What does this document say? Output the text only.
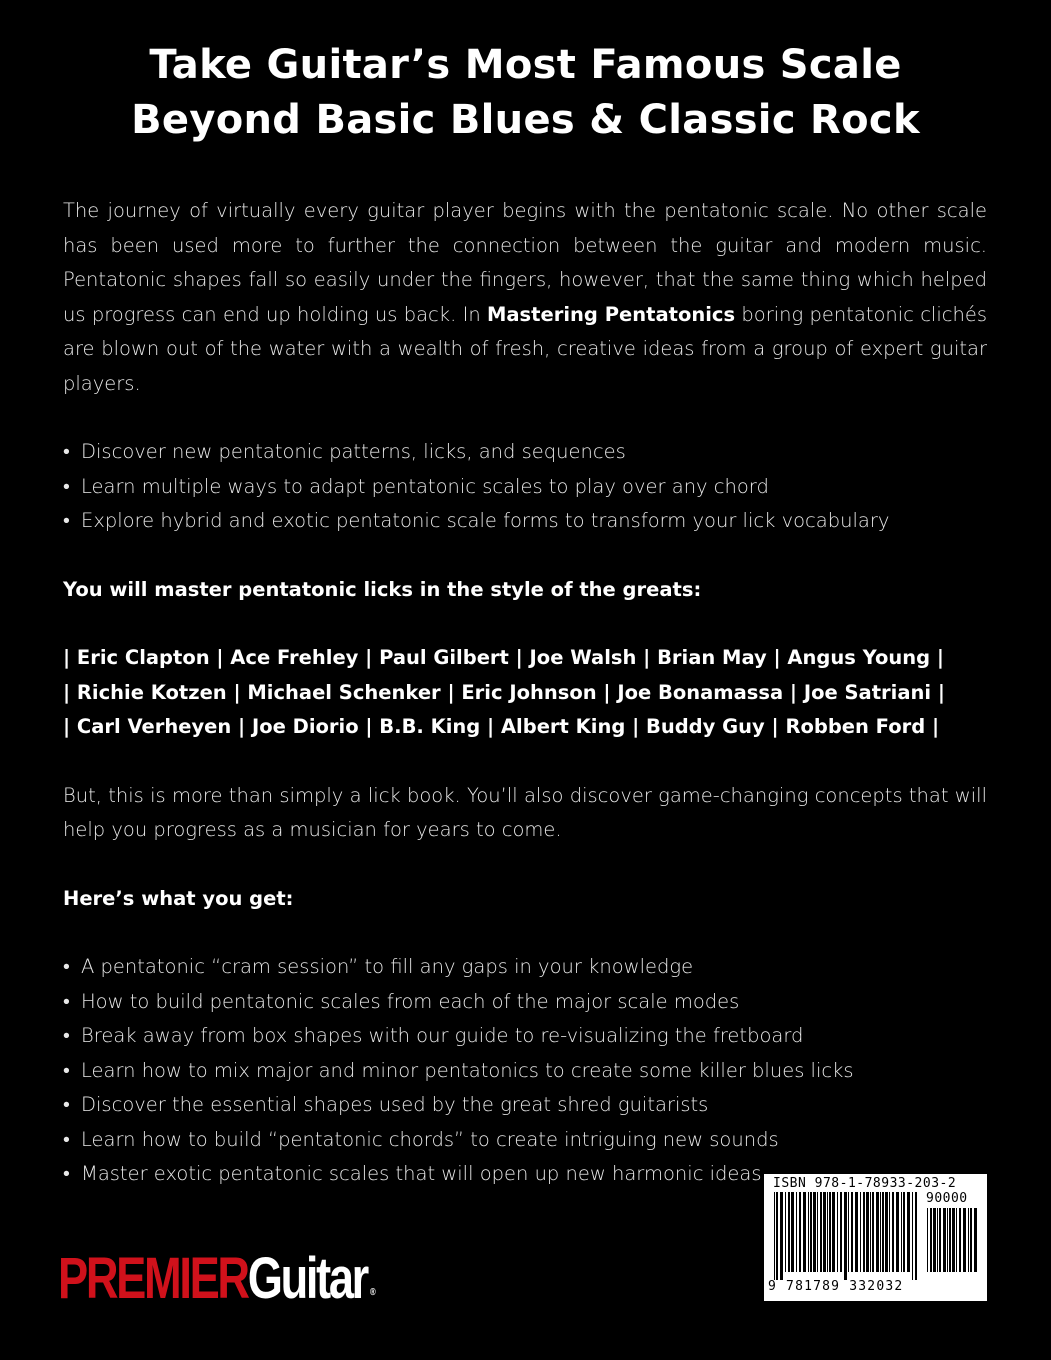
Take Guitar’s Most Famous Scale
Beyond Basic Blues & Classic Rock

The journey of virtually every guitar player begins with the pentatonic scale. No other scale has been used more to further the connection between the guitar and modern music. Pentatonic shapes fall so easily under the fingers, however, that the same thing which helped us progress can end up holding us back. In Mastering Pentatonics boring pentatonic clichés are blown out of the water with a wealth of fresh, creative ideas from a group of expert guitar players.

• Discover new pentatonic patterns, licks, and sequences
• Learn multiple ways to adapt pentatonic scales to play over any chord
• Explore hybrid and exotic pentatonic scale forms to transform your lick vocabulary

You will master pentatonic licks in the style of the greats:

| Eric Clapton | Ace Frehley | Paul Gilbert | Joe Walsh | Brian May | Angus Young |
| Richie Kotzen | Michael Schenker | Eric Johnson | Joe Bonamassa | Joe Satriani |
| Carl Verheyen | Joe Diorio | B.B. King | Albert King | Buddy Guy | Robben Ford |

But, this is more than simply a lick book. You’ll also discover game-changing concepts that will help you progress as a musician for years to come.

Here’s what you get:

• A pentatonic “cram session” to fill any gaps in your knowledge
• How to build pentatonic scales from each of the major scale modes
• Break away from box shapes with our guide to re-visualizing the fretboard
• Learn how to mix major and minor pentatonics to create some killer blues licks
• Discover the essential shapes used by the great shred guitarists
• Learn how to build “pentatonic chords” to create intriguing new sounds
• Master exotic pentatonic scales that will open up new harmonic ideas
PREMIERGuitar ®
ISBN 978-1-78933-203-2
90000
9 781789 332032
